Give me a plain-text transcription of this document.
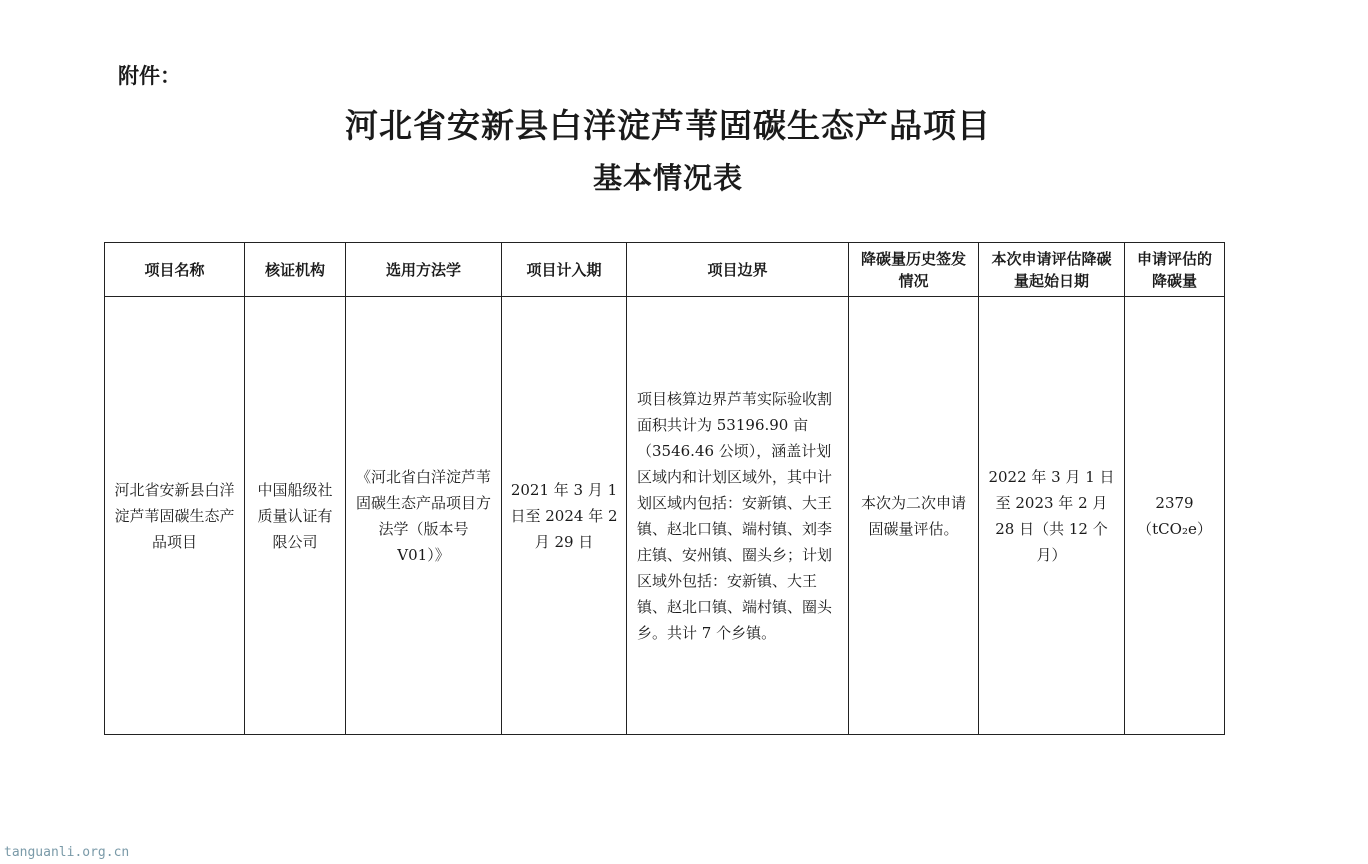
附件：
河北省安新县白洋淀芦苇固碳生态产品项目
基本情况表
项目名称	核证机构	选用方法学	项目计入期	项目边界	降碳量历史签发情况	本次申请评估降碳量起始日期	申请评估的降碳量
河北省安新县白洋淀芦苇固碳生态产品项目	中国船级社质量认证有限公司	《河北省白洋淀芦苇固碳生态产品项目方法学（版本号 V01）》	2021 年 3 月 1 日至 2024 年 2 月 29 日	项目核算边界芦苇实际验收割面积共计为 53196.90 亩（3546.46 公顷），涵盖计划区域内和计划区域外，其中计划区域内包括：安新镇、大王镇、赵北口镇、端村镇、刘李庄镇、安州镇、圈头乡；计划区域外包括：安新镇、大王镇、赵北口镇、端村镇、圈头乡。共计 7 个乡镇。	本次为二次申请固碳量评估。	2022 年 3 月 1 日至 2023 年 2 月 28 日（共 12 个月）	2379
（tCO₂e）
tanguanli.org.cn
